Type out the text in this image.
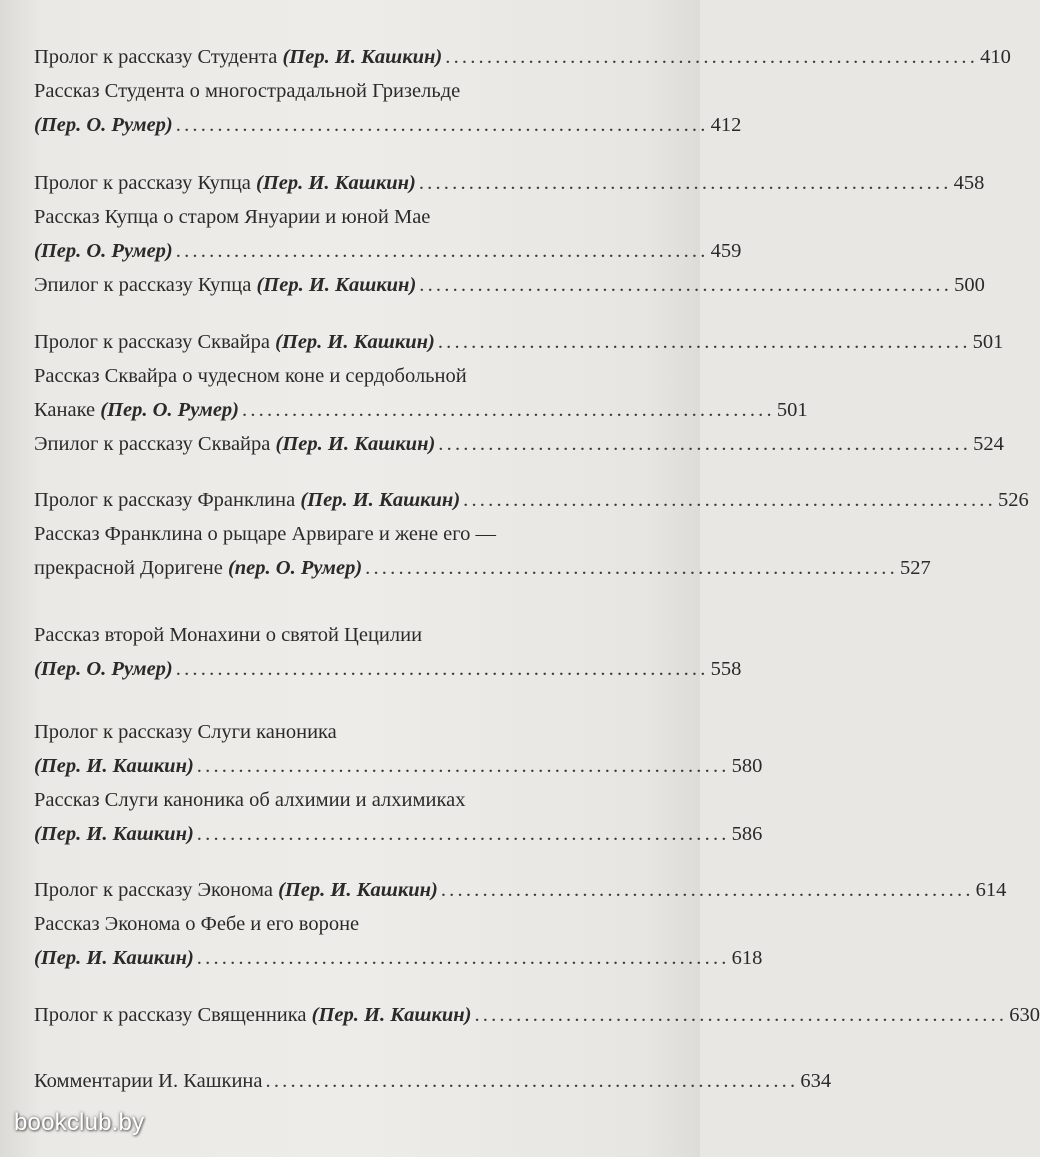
Пролог к рассказу Студента (Пер. И. Кашкин) ................................................................ 410
Рассказ Студента о многострадальной Гризельде
(Пер. О. Румер) ................................................................ 412
Пролог к рассказу Купца (Пер. И. Кашкин) ................................................................ 458
Рассказ Купца о старом Януарии и юной Мае
(Пер. О. Румер) ................................................................ 459
Эпилог к рассказу Купца (Пер. И. Кашкин) ................................................................ 500
Пролог к рассказу Сквайра (Пер. И. Кашкин) ................................................................ 501
Рассказ Сквайра о чудесном коне и сердобольной
Канаке (Пер. О. Румер) ................................................................ 501
Эпилог к рассказу Сквайра (Пер. И. Кашкин) ................................................................ 524
Пролог к рассказу Франклина (Пер. И. Кашкин) ................................................................ 526
Рассказ Франклина о рыцаре Арвираге и жене его —
прекрасной Доригене (пер. О. Румер) ................................................................ 527
Рассказ второй Монахини о святой Цецилии
(Пер. О. Румер) ................................................................ 558
Пролог к рассказу Слуги каноника
(Пер. И. Кашкин) ................................................................ 580
Рассказ Слуги каноника об алхимии и алхимиках
(Пер. И. Кашкин) ................................................................ 586
Пролог к рассказу Эконома (Пер. И. Кашкин) ................................................................ 614
Рассказ Эконома о Фебе и его вороне
(Пер. И. Кашкин) ................................................................ 618
Пролог к рассказу Священника (Пер. И. Кашкин) ................................................................ 630
Комментарии И. Кашкина ................................................................ 634
bookclub.by
